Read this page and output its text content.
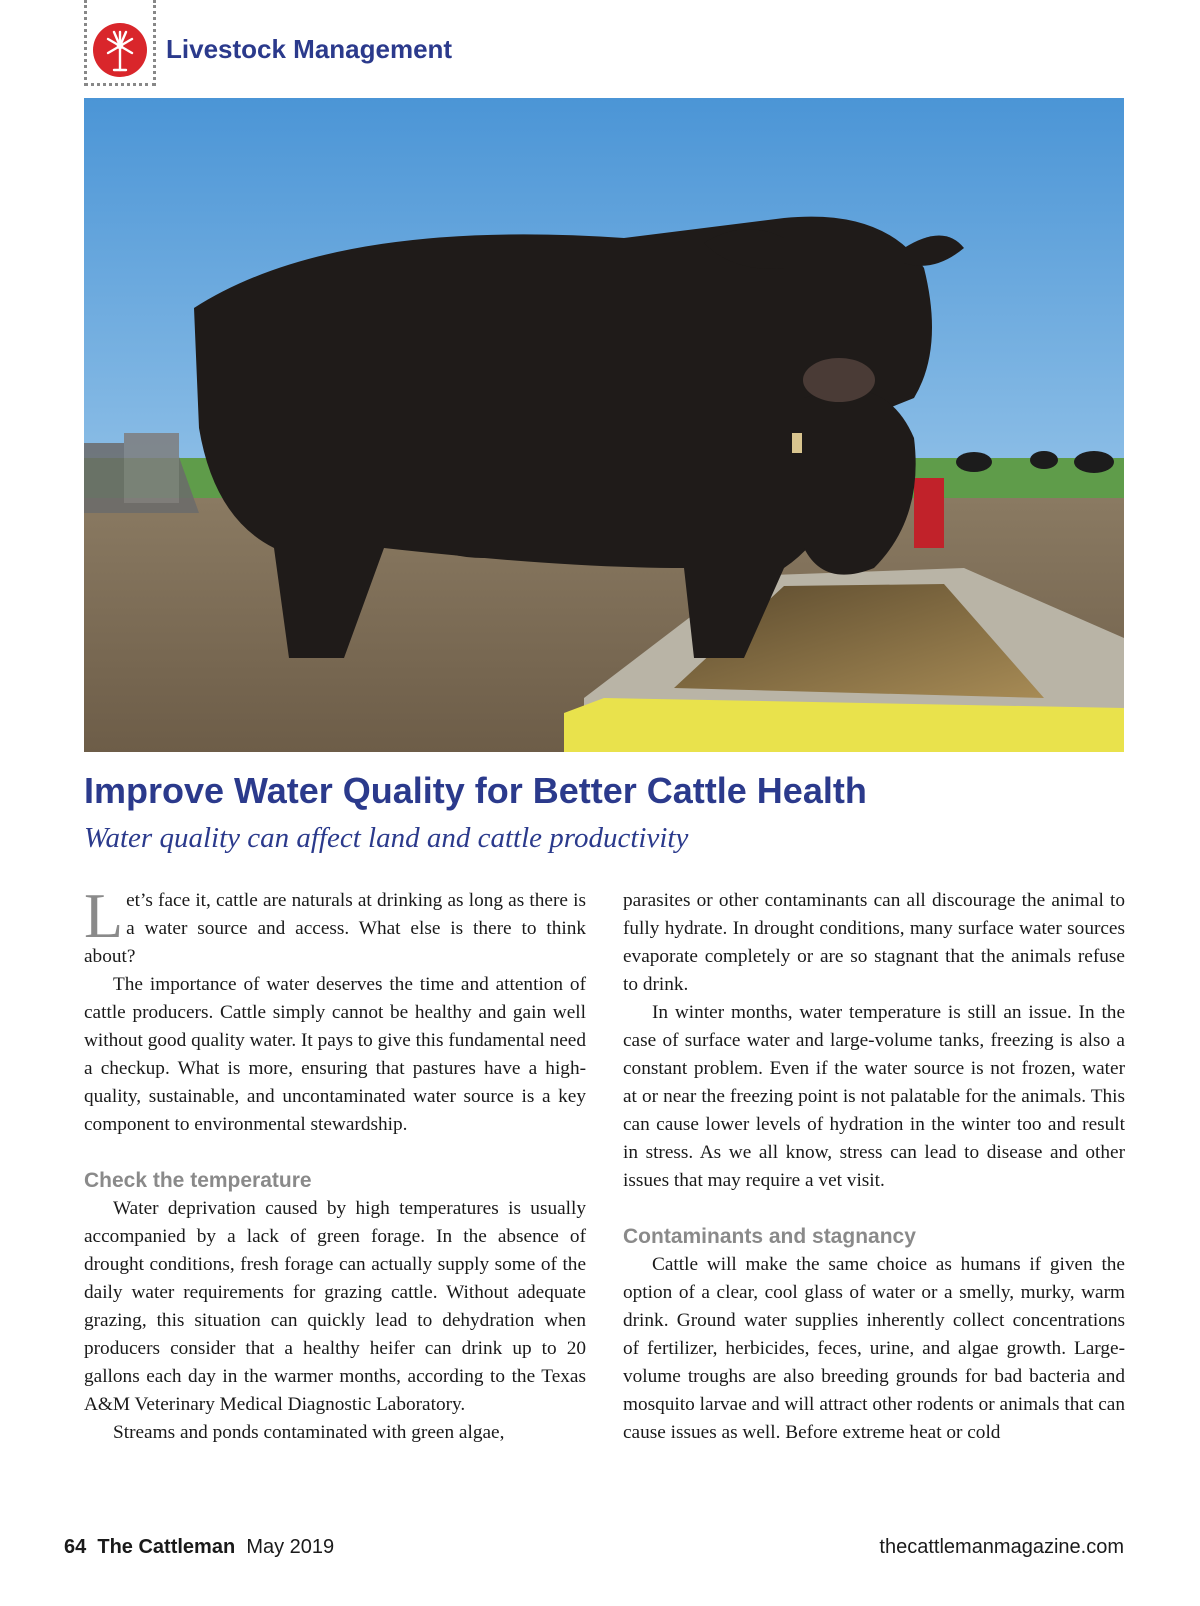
Livestock Management
Improve Water Quality for Better Cattle Health
Water quality can affect land and cattle productivity

Let’s face it, cattle are naturals at drinking as long as there is a water source and access. What else is there to think about?

The importance of water deserves the time and attention of cattle producers. Cattle simply cannot be healthy and gain well without good quality water. It pays to give this fundamental need a checkup. What is more, ensuring that pastures have a high-quality, sustainable, and uncontaminated water source is a key component to environmental stewardship.

Check the temperature

Water deprivation caused by high temperatures is usually accompanied by a lack of green forage. In the absence of drought conditions, fresh forage can actually supply some of the daily water requirements for grazing cattle. Without adequate grazing, this situation can quickly lead to dehydration when producers consider that a healthy heifer can drink up to 20 gallons each day in the warmer months, according to the Texas A&M Veterinary Medical Diagnostic Laboratory.

Streams and ponds contaminated with green algae,

parasites or other contaminants can all discourage the animal to fully hydrate. In drought conditions, many surface water sources evaporate completely or are so stagnant that the animals refuse to drink.

In winter months, water temperature is still an issue. In the case of surface water and large-volume tanks, freezing is also a constant problem. Even if the water source is not frozen, water at or near the freezing point is not palatable for the animals. This can cause lower levels of hydration in the winter too and result in stress. As we all know, stress can lead to disease and other issues that may require a vet visit.

Contaminants and stagnancy

Cattle will make the same choice as humans if given the option of a clear, cool glass of water or a smelly, murky, warm drink. Ground water supplies inherently collect concentrations of fertilizer, herbicides, feces, urine, and algae growth. Large-volume troughs are also breeding grounds for bad bacteria and mosquito larvae and will attract other rodents or animals that can cause issues as well. Before extreme heat or cold

64 The Cattleman May 2019	thecattlemanmagazine.com
